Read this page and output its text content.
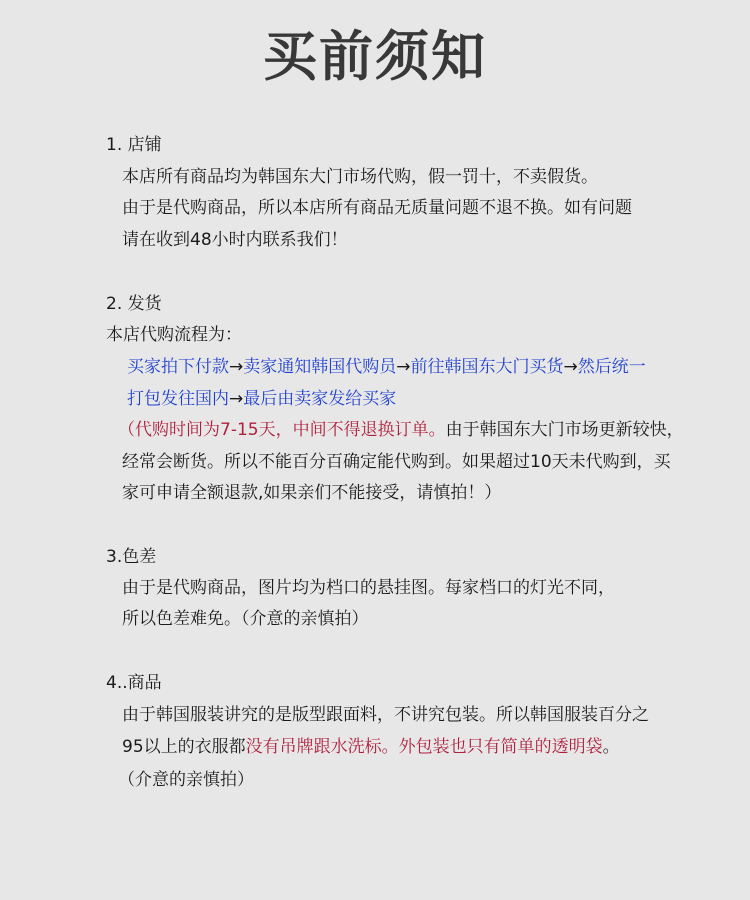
买前须知
1. 店铺
本店所有商品均为韩国东大门市场代购，假一罚十，不卖假货。
由于是代购商品，所以本店所有商品无质量问题不退不换。如有问题
请在收到48小时内联系我们！
2. 发货
本店代购流程为：
买家拍下付款→卖家通知韩国代购员→前往韩国东大门买货→然后统一
打包发往国内→最后由卖家发给买家
（代购时间为7-15天，中间不得退换订单。由于韩国东大门市场更新较快，
经常会断货。所以不能百分百确定能代购到。如果超过10天未代购到，买
家可申请全额退款,如果亲们不能接受，请慎拍！）
3.色差
由于是代购商品，图片均为档口的悬挂图。每家档口的灯光不同，
所以色差难免。（介意的亲慎拍）
4..商品
由于韩国服装讲究的是版型跟面料，不讲究包装。所以韩国服装百分之
95以上的衣服都没有吊牌跟水洗标。外包装也只有简单的透明袋。
（介意的亲慎拍）
